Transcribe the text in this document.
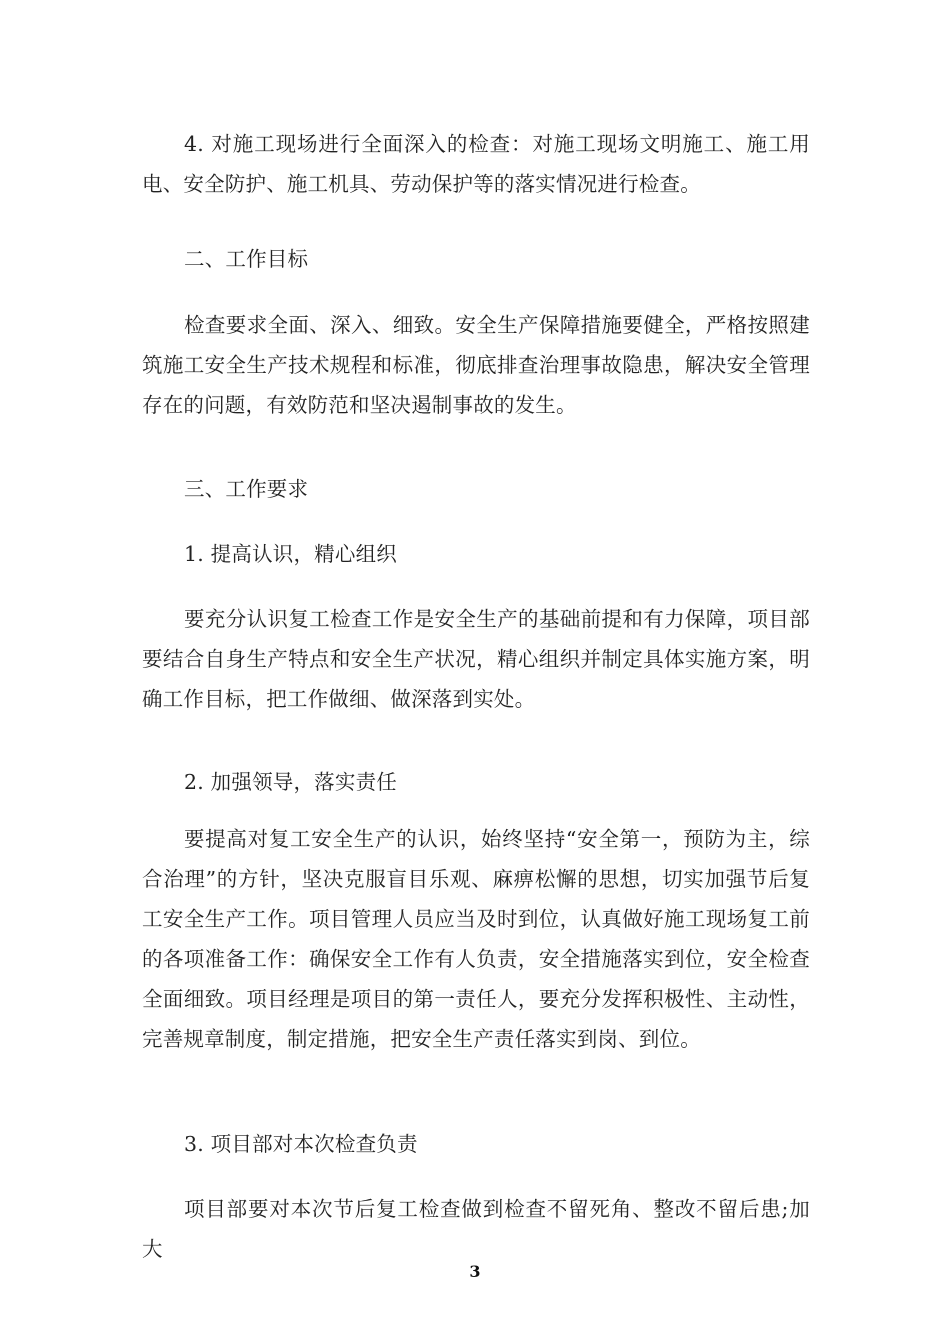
4. 对施工现场进行全面深入的检查：对施工现场文明施工、施工用电、安全防护、施工机具、劳动保护等的落实情况进行检查。

二、工作目标

检查要求全面、深入、细致。安全生产保障措施要健全，严格按照建筑施工安全生产技术规程和标准，彻底排查治理事故隐患，解决安全管理存在的问题，有效防范和坚决遏制事故的发生。

三、工作要求

1. 提高认识，精心组织

要充分认识复工检查工作是安全生产的基础前提和有力保障，项目部要结合自身生产特点和安全生产状况，精心组织并制定具体实施方案，明确工作目标，把工作做细、做深落到实处。

2. 加强领导，落实责任

要提高对复工安全生产的认识，始终坚持“安全第一，预防为主，综合治理”的方针，坚决克服盲目乐观、麻痹松懈的思想，切实加强节后复工安全生产工作。项目管理人员应当及时到位，认真做好施工现场复工前的各项准备工作：确保安全工作有人负责，安全措施落实到位，安全检查全面细致。项目经理是项目的第一责任人，要充分发挥积极性、主动性，完善规章制度，制定措施，把安全生产责任落实到岗、到位。

3. 项目部对本次检查负责

项目部要对本次节后复工检查做到检查不留死角、整改不留后患;加大

3
